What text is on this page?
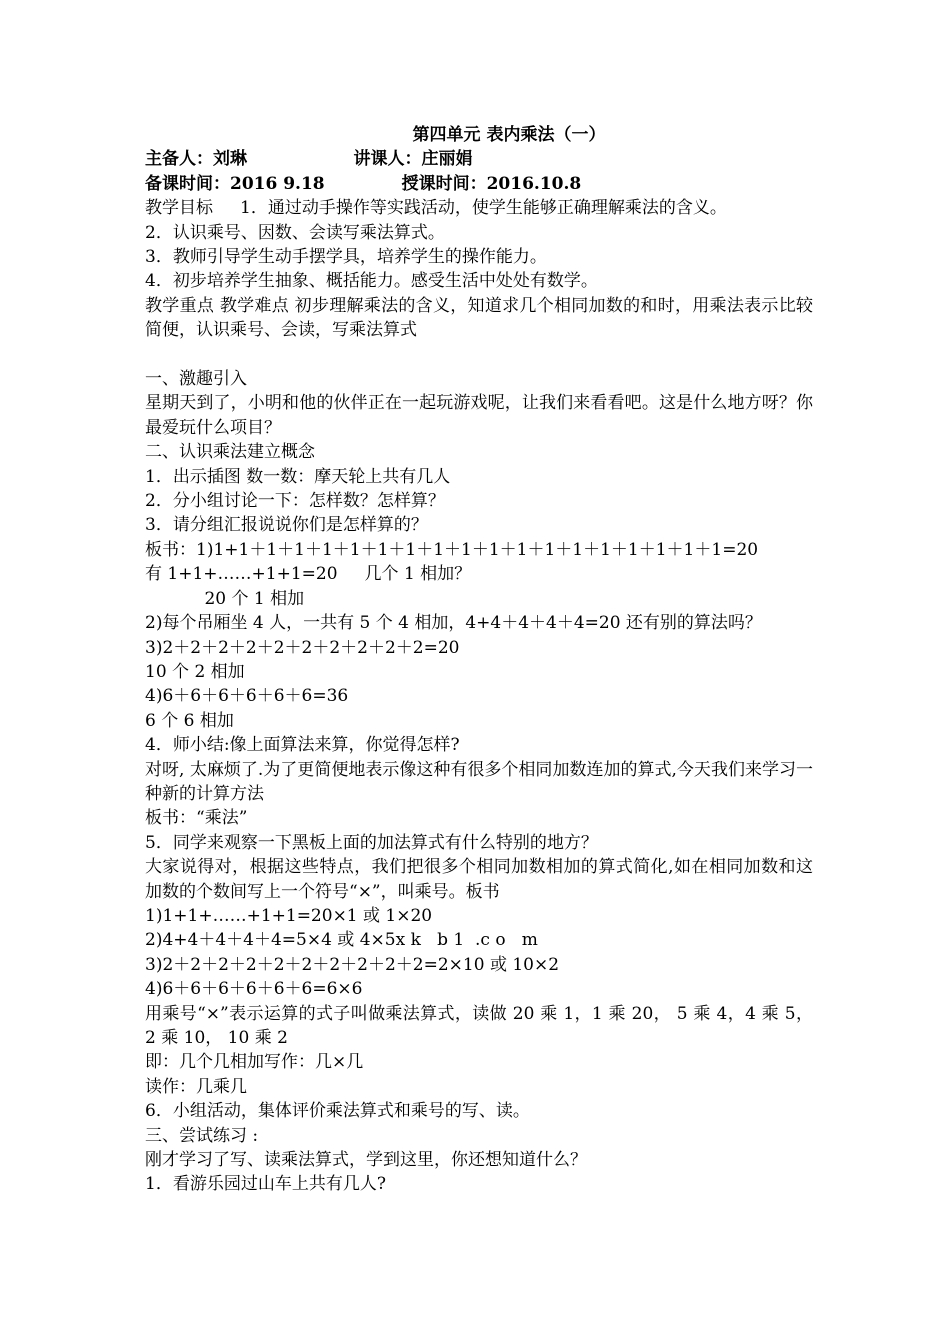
第四单元 表内乘法（一）
主备人：刘琳                  讲课人：庄丽娟
备课时间：2016 9.18             授课时间：2016.10.8
教学目标     1．通过动手操作等实践活动，使学生能够正确理解乘法的含义。
2．认识乘号、因数、会读写乘法算式。
3．教师引导学生动手摆学具，培养学生的操作能力。
4．初步培养学生抽象、概括能力。感受生活中处处有数学。
教学重点 教学难点 初步理解乘法的含义，知道求几个相同加数的和时，用乘法表示比较简便，认识乘号、会读，写乘法算式
一、激趣引入
星期天到了，小明和他的伙伴正在一起玩游戏呢，让我们来看看吧。这是什么地方呀？你最爱玩什么项目？
二、认识乘法建立概念
1．出示插图 数一数：摩天轮上共有几人
2．分小组讨论一下：怎样数？怎样算？
3．请分组汇报说说你们是怎样算的？
板书：1)1+1＋1＋1＋1＋1＋1＋1＋1＋1＋1＋1＋1＋1＋1＋1＋1＋1＋1=20
有 1+1+……+1+1=20     几个 1 相加？
20 个 1 相加
2)每个吊厢坐 4 人，一共有 5 个 4 相加，4+4＋4＋4＋4=20 还有别的算法吗？
3)2＋2＋2＋2＋2＋2＋2＋2＋2＋2=20
10 个 2 相加
4)6＋6＋6＋6＋6＋6=36
6 个 6 相加
4．师小结:像上面算法来算，你觉得怎样?
对呀, 太麻烦了.为了更简便地表示像这种有很多个相同加数连加的算式,今天我们来学习一种新的计算方法
板书：“乘法”
5．同学来观察一下黑板上面的加法算式有什么特别的地方？
大家说得对，根据这些特点，我们把很多个相同加数相加的算式简化,如在相同加数和这加数的个数间写上一个符号“×”，叫乘号。板书
1)1+1+……+1+1=20×1 或 1×20
2)4+4＋4＋4＋4=5×4 或 4×5x k   b 1  .c o   m
3)2＋2＋2＋2＋2＋2＋2＋2＋2＋2=2×10 或 10×2
4)6＋6＋6＋6＋6＋6=6×6
用乘号“×”表示运算的式子叫做乘法算式，读做 20 乘 1，1 乘 20， 5 乘 4，4 乘 5， 2 乘 10， 10 乘 2
即：几个几相加写作：几×几
读作：几乘几
6．小组活动，集体评价乘法算式和乘号的写、读。
三、尝试练习 :
刚才学习了写、读乘法算式，学到这里，你还想知道什么？
1．看游乐园过山车上共有几人?
